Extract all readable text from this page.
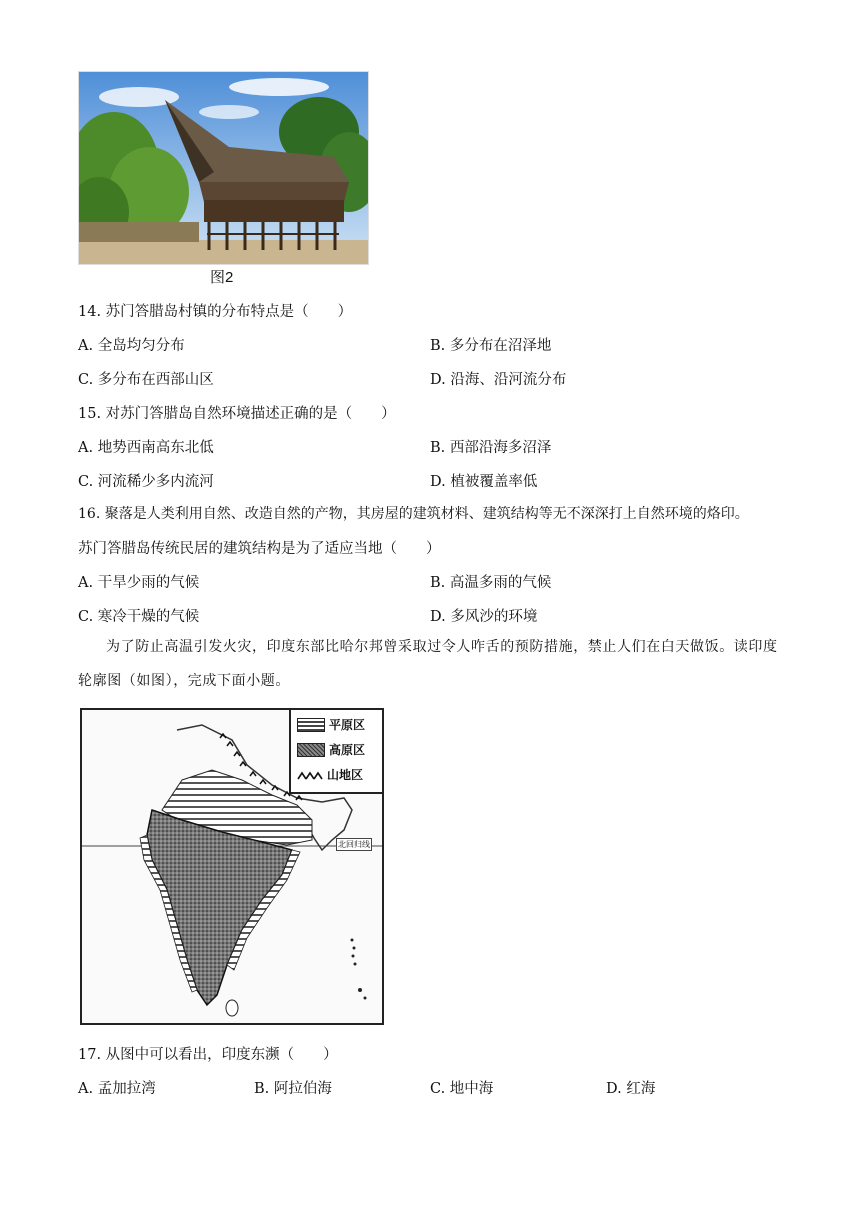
图2
14. 苏门答腊岛村镇的分布特点是（　　）
A. 全岛均匀分布	B. 多分布在沼泽地
C. 多分布在西部山区	D. 沿海、沿河流分布
15. 对苏门答腊岛自然环境描述正确的是（　　）
A. 地势西南高东北低	B. 西部沿海多沼泽
C. 河流稀少多内流河	D. 植被覆盖率低
16. 聚落是人类利用自然、改造自然的产物，其房屋的建筑材料、建筑结构等无不深深打上自然环境的烙印。
苏门答腊岛传统民居的建筑结构是为了适应当地（　　）
A. 干旱少雨的气候	B. 高温多雨的气候
C. 寒冷干燥的气候	D. 多风沙的环境
为了防止高温引发火灾，印度东部比哈尔邦曾采取过令人咋舌的预防措施，禁止人们在白天做饭。读印度轮廓图（如图），完成下面小题。
北回归线
平原区
高原区
山地区
17. 从图中可以看出，印度东濒（　　）
A. 孟加拉湾	B. 阿拉伯海	C. 地中海	D. 红海
